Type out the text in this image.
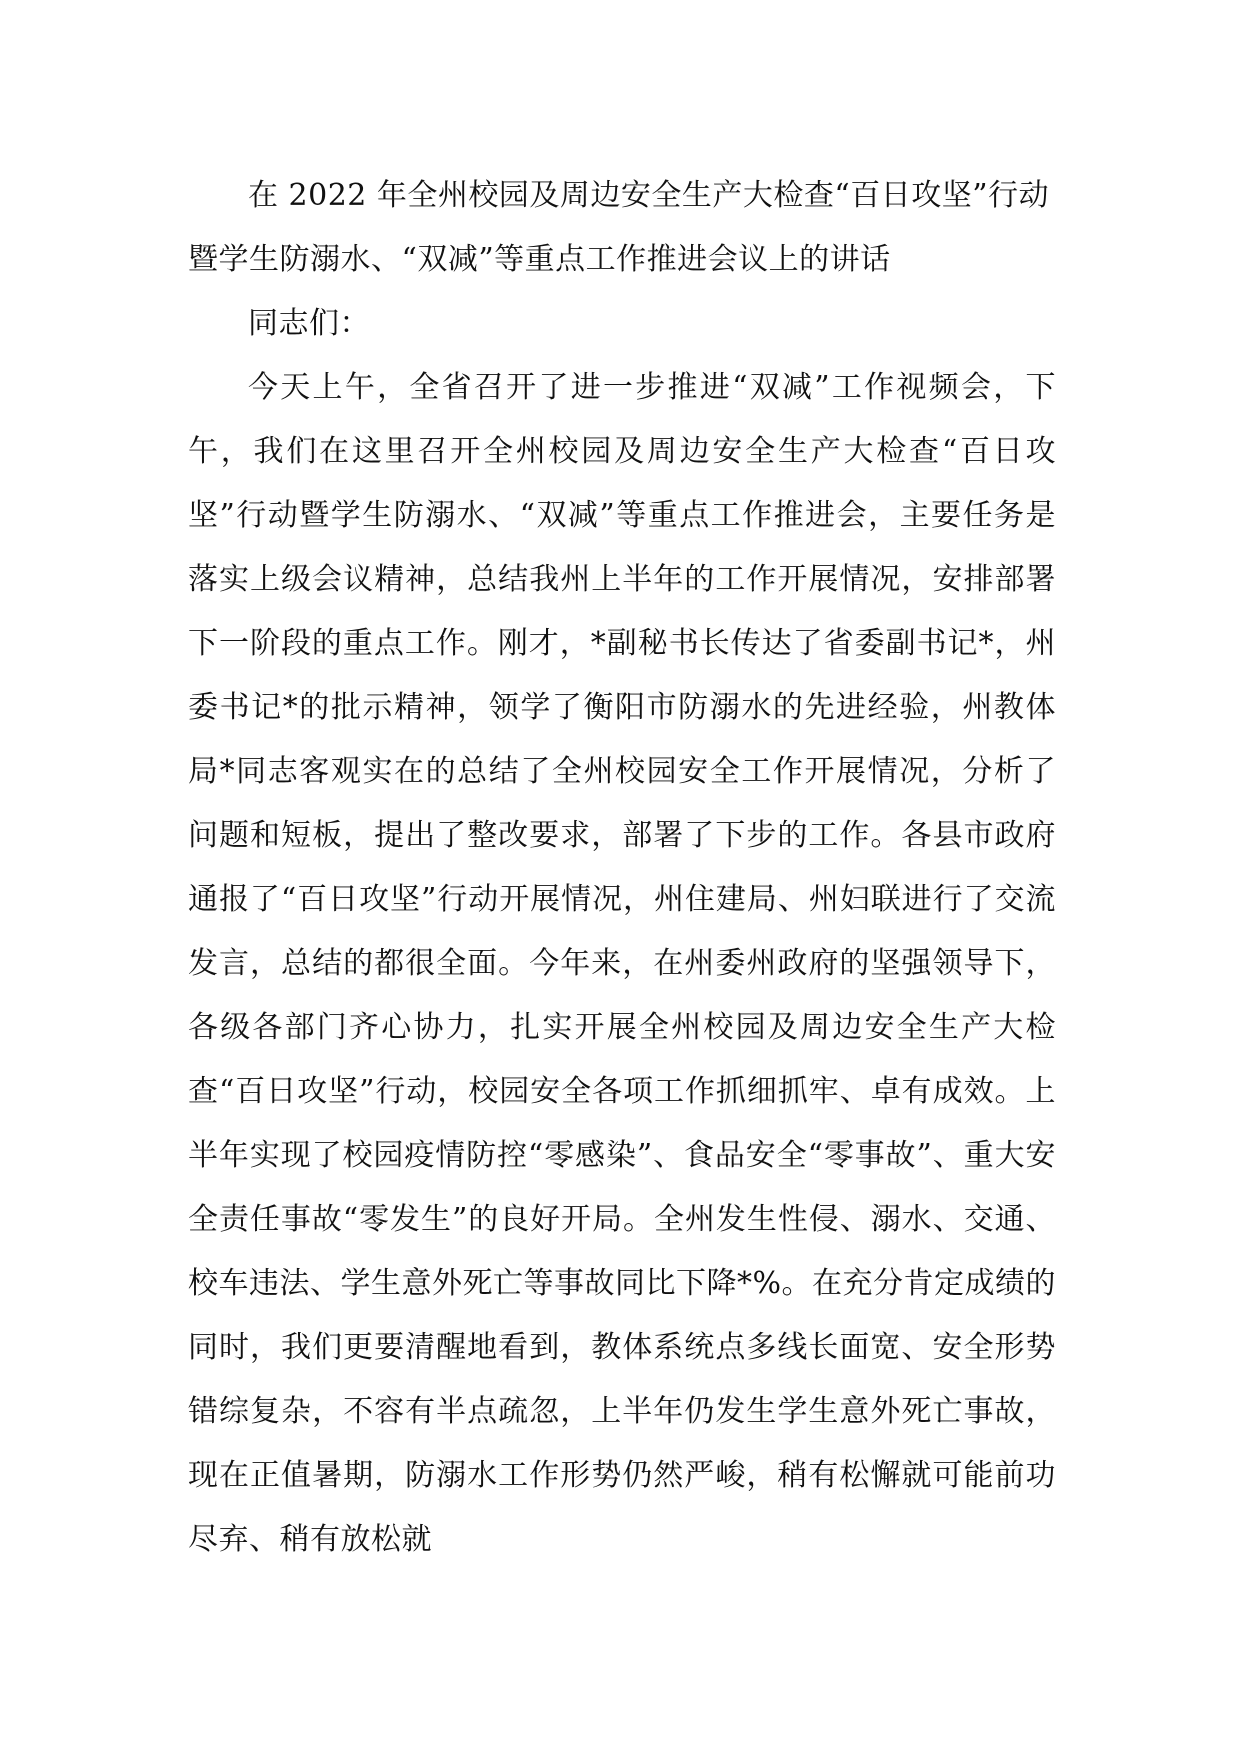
在 2022 年全州校园及周边安全生产大检查“百日攻坚”行动暨学生防溺水、“双减”等重点工作推进会议上的讲话

同志们：

今天上午，全省召开了进一步推进“双减”工作视频会，下午，我们在这里召开全州校园及周边安全生产大检查“百日攻坚”行动暨学生防溺水、“双减”等重点工作推进会，主要任务是落实上级会议精神，总结我州上半年的工作开展情况，安排部署下一阶段的重点工作。刚才，*副秘书长传达了省委副书记*，州委书记*的批示精神，领学了衡阳市防溺水的先进经验，州教体局*同志客观实在的总结了全州校园安全工作开展情况，分析了问题和短板，提出了整改要求，部署了下步的工作。各县市政府通报了“百日攻坚”行动开展情况，州住建局、州妇联进行了交流发言，总结的都很全面。今年来，在州委州政府的坚强领导下，各级各部门齐心协力，扎实开展全州校园及周边安全生产大检查“百日攻坚”行动，校园安全各项工作抓细抓牢、卓有成效。上半年实现了校园疫情防控“零感染”、食品安全“零事故”、重大安全责任事故“零发生”的良好开局。全州发生性侵、溺水、交通、校车违法、学生意外死亡等事故同比下降*%。在充分肯定成绩的同时，我们更要清醒地看到，教体系统点多线长面宽、安全形势错综复杂，不容有半点疏忽，上半年仍发生学生意外死亡事故，现在正值暑期，防溺水工作形势仍然严峻，稍有松懈就可能前功尽弃、稍有放松就
